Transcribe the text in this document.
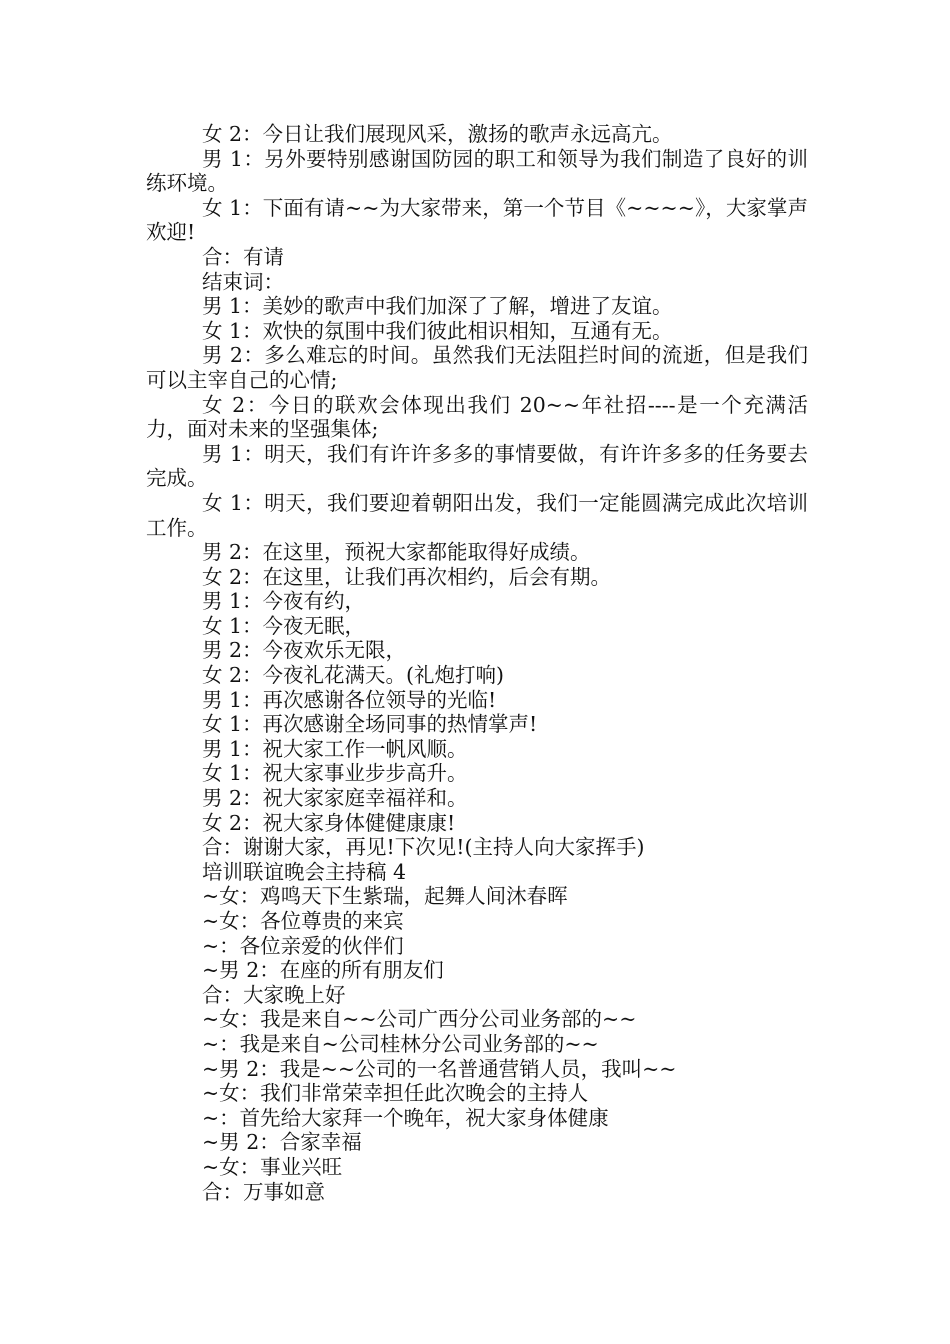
女 2：今日让我们展现风采，激扬的歌声永远高亢。

男 1：另外要特别感谢国防园的职工和领导为我们制造了良好的训练环境。

女 1：下面有请~~为大家带来，第一个节目《~~~~》，大家掌声欢迎!

合：有请

结束词：

男 1：美妙的歌声中我们加深了了解，增进了友谊。

女 1：欢快的氛围中我们彼此相识相知，互通有无。

男 2：多么难忘的时间。虽然我们无法阻拦时间的流逝，但是我们可以主宰自己的心情;

女 2：今日的联欢会体现出我们 20~~年社招----是一个充满活力，面对未来的坚强集体;

男 1：明天，我们有许许多多的事情要做，有许许多多的任务要去完成。

女 1：明天，我们要迎着朝阳出发，我们一定能圆满完成此次培训工作。

男 2：在这里，预祝大家都能取得好成绩。

女 2：在这里，让我们再次相约，后会有期。

男 1：今夜有约，

女 1：今夜无眠，

男 2：今夜欢乐无限，

女 2：今夜礼花满天。(礼炮打响)

男 1：再次感谢各位领导的光临!

女 1：再次感谢全场同事的热情掌声!

男 1：祝大家工作一帆风顺。

女 1：祝大家事业步步高升。

男 2：祝大家家庭幸福祥和。

女 2：祝大家身体健健康康!

合：谢谢大家，再见!下次见!(主持人向大家挥手)

培训联谊晚会主持稿 4

~女：鸡鸣天下生紫瑞，起舞人间沐春晖

~女：各位尊贵的来宾

~：各位亲爱的伙伴们

~男 2：在座的所有朋友们

合：大家晚上好

~女：我是来自~~公司广西分公司业务部的~~

~：我是来自~公司桂林分公司业务部的~~

~男 2：我是~~公司的一名普通营销人员，我叫~~

~女：我们非常荣幸担任此次晚会的主持人

~：首先给大家拜一个晚年，祝大家身体健康

~男 2：合家幸福

~女：事业兴旺

合：万事如意
